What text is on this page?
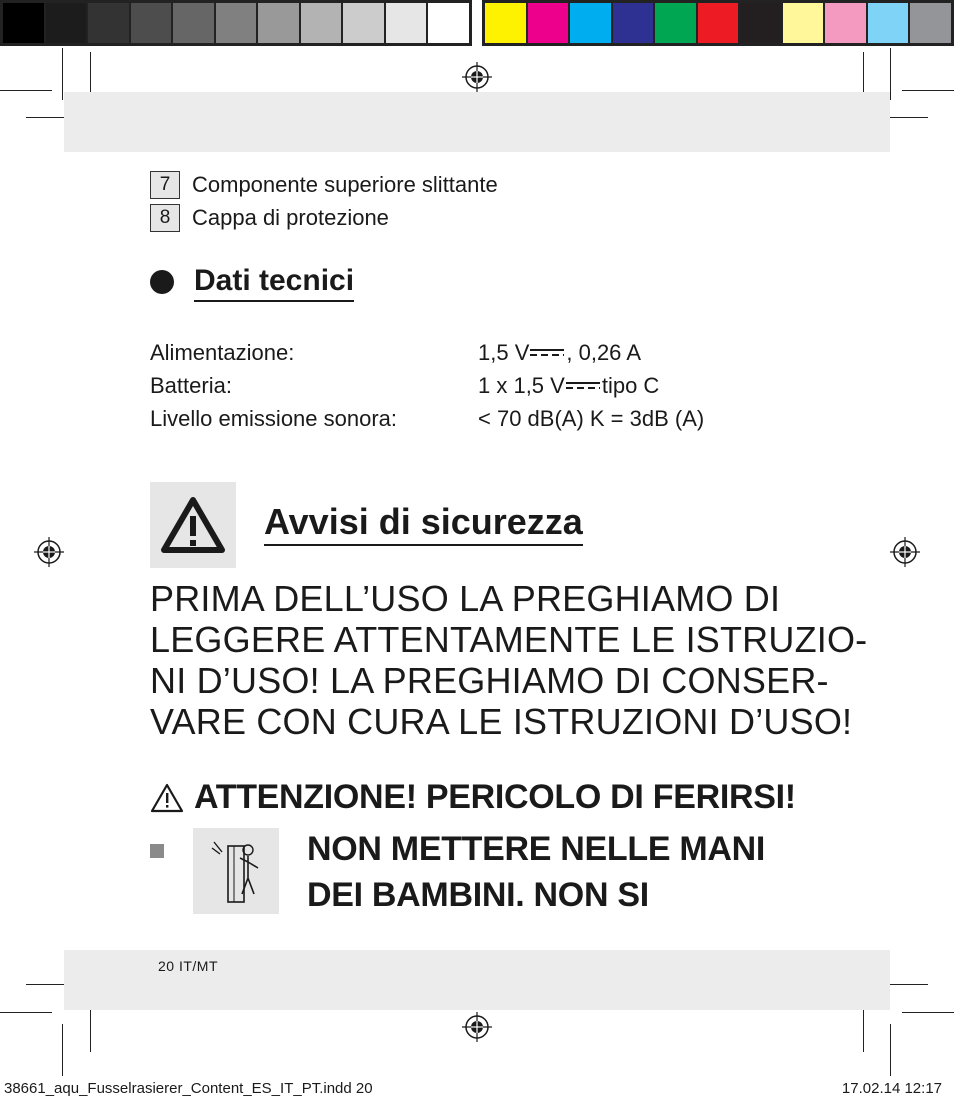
7 Componente superiore slittante
8 Cappa di protezione
Dati tecnici
Alimentazione:	1,5 V , 0,26 A
Batteria:	1 x 1,5 V tipo C
Livello emissione sonora:	< 70 dB(A) K = 3dB (A)
Avvisi di sicurezza
PRIMA DELL’USO LA PREGHIAMO DI
LEGGERE ATTENTAMENTE LE ISTRUZIO-
NI D’USO! LA PREGHIAMO DI CONSER-
VARE CON CURA LE ISTRUZIONI D’USO!
ATTENZIONE! PERICOLO DI FERIRSI!
NON METTERE NELLE MANI
DEI BAMBINI. NON SI
20 IT/MT
38661_aqu_Fusselrasierer_Content_ES_IT_PT.indd 20	17.02.14 12:17
